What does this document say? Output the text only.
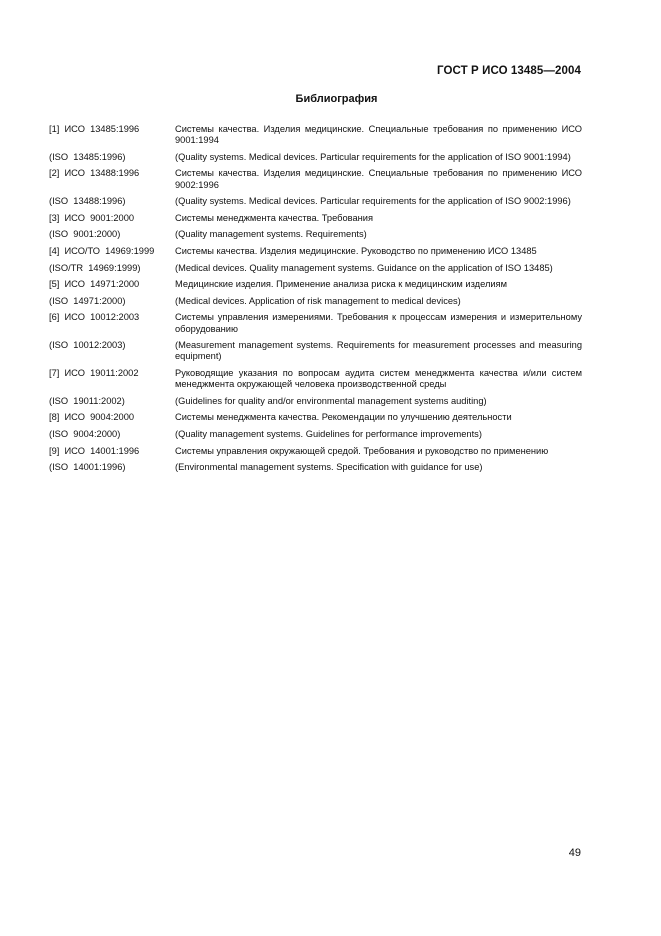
ГОСТ Р ИСО 13485—2004
Библиография
[1]  ИСО  13485:1996	Системы качества. Изделия медицинские. Специальные требования по применению ИСО 9001:1994
(ISO  13485:1996)	(Quality systems. Medical devices. Particular requirements for the application of ISO 9001:1994)
[2]  ИСО  13488:1996	Системы качества. Изделия медицинские. Специальные требования по применению ИСО 9002:1996
(ISO  13488:1996)	(Quality systems. Medical devices. Particular requirements for the application of ISO 9002:1996)
[3]  ИСО  9001:2000	Системы менеджмента качества. Требования
(ISO  9001:2000)	(Quality management systems. Requirements)
[4]  ИСО/ТО  14969:1999	Системы качества. Изделия медицинские. Руководство по применению ИСО 13485
(ISO/TR  14969:1999)	(Medical devices. Quality management systems. Guidance on the application of ISO 13485)
[5]  ИСО  14971:2000	Медицинские изделия. Применение анализа риска к медицинским изделиям
(ISO  14971:2000)	(Medical devices. Application of risk management to medical devices)
[6]  ИСО  10012:2003	Системы управления измерениями. Требования к процессам измерения и измерительному оборудованию
(ISO  10012:2003)	(Measurement management systems. Requirements for measurement processes and measuring equipment)
[7]  ИСО  19011:2002	Руководящие указания по вопросам аудита систем менеджмента качества и/или систем менеджмента окружающей человека производственной среды
(ISO  19011:2002)	(Guidelines for quality and/or environmental management systems auditing)
[8]  ИСО  9004:2000	Системы менеджмента качества. Рекомендации по улучшению деятельности
(ISO  9004:2000)	(Quality management systems. Guidelines for performance improvements)
[9]  ИСО  14001:1996	Системы управления окружающей средой. Требования и руководство по применению
(ISO  14001:1996)	(Environmental management systems. Specification with guidance for use)
49
